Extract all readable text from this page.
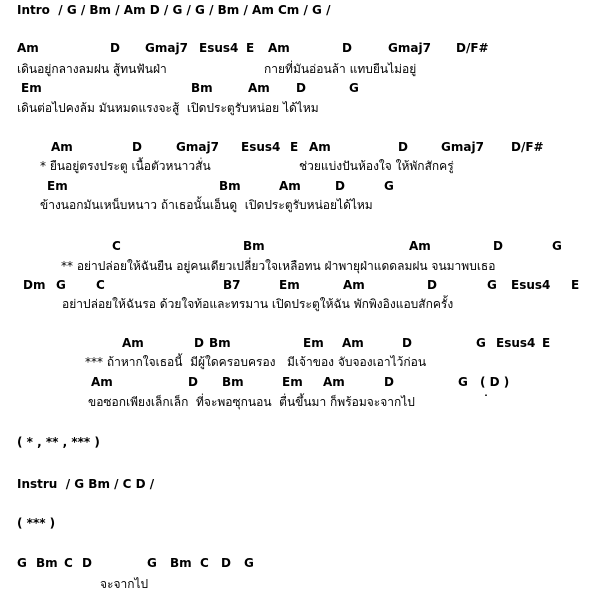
Intro  / G / Bm / Am D / G / G / Bm / Am Cm / G /
Am	D Gmaj7 Esus4 E Am	D	Gmaj7 D/F#
เดินอยู่กลางลมฝน สู้ทนฟันฝ่า	กายที่มันอ่อนล้า แทบยืนไม่อยู่
Em	Bm	Am D	G
เดินต่อไปคงล้ม มันหมดแรงจะสู้  เปิดประตูรับหน่อย ได้ไหม
Am	D	Gmaj7 Esus4 E Am	D	Gmaj7 D/F#
* ยืนอยู่ตรงประตู เนื้อตัวหนาวสั่น	ช่วยแบ่งปันห้องใจ ให้พักสักครู่
Em	Bm	Am	D	G
ข้างนอกมันเหน็บหนาว ถ้าเธอนั้นเอ็นดู  เปิดประตูรับหน่อยได้ไหม
C	Bm	Am	D	G
** อย่าปล่อยให้ฉันยืน อยู่คนเดียวเปลี่ยวใจเหลือทน ฝ่าพายุฝ่าแดดลมฝน จนมาพบเธอ
Dm G	C	B7	Em	Am	D	G Esus4 E
อย่าปล่อยให้ฉันรอ ด้วยใจท้อและทรมาน เปิดประตูให้ฉัน พักพิงอิงแอบสักครั้ง
Am	D Bm	Em Am	D	G Esus4 E
*** ถ้าหากใจเธอนี้  มีผู้ใดครอบครอง   มีเจ้าของ จับจองเอาไว้ก่อน
Am	D Bm	Em Am	D	G ( D )
ขอซอกเพียงเล็กเล็ก  ที่จะพอซุกนอน  ตื่นขึ้นมา ก็พร้อมจะจากไป	˙
( * , ** , *** )
Instru  / G Bm / C D /
( *** )
G Bm C D	G Bm C D G
จะจากไป
